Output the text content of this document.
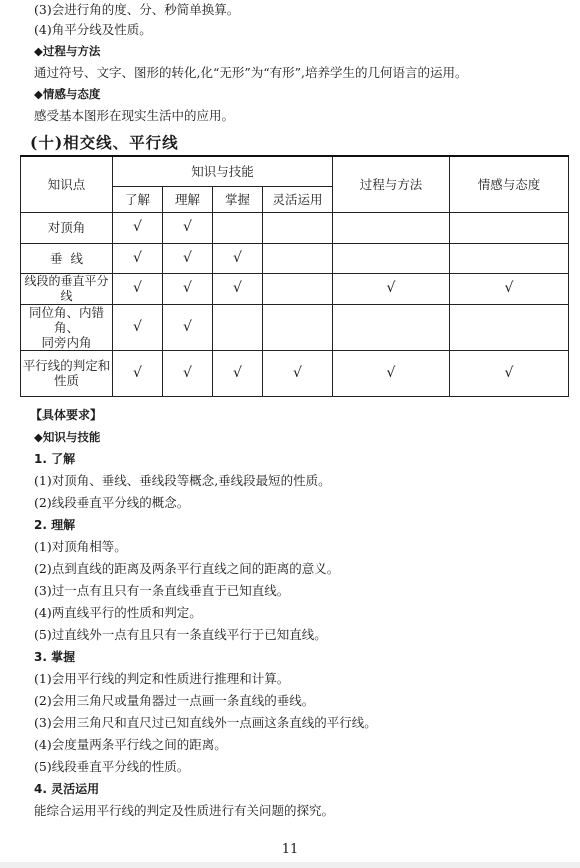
(3)会进行角的度、分、秒简单换算。
(4)角平分线及性质。
◆过程与方法
通过符号、文字、图形的转化,化“无形”为“有形”,培养学生的几何语言的运用。
◆情感与态度
感受基本图形在现实生活中的应用。
(十)相交线、平行线
知识点	知识与技能				过程与方法	情感与态度
	了解	理解	掌握	灵活运用		
对顶角	√	√				
垂  线	√	√	√			
线段的垂直平分线	√	√	√		√	√

同位角、内错角、
同旁内角	√	√				

平行线的判定和
性质	√	√	√	√	√	√
【具体要求】
◆知识与技能
1. 了解
(1)对顶角、垂线、垂线段等概念,垂线段最短的性质。
(2)线段垂直平分线的概念。
2. 理解
(1)对顶角相等。
(2)点到直线的距离及两条平行直线之间的距离的意义。
(3)过一点有且只有一条直线垂直于已知直线。
(4)两直线平行的性质和判定。
(5)过直线外一点有且只有一条直线平行于已知直线。
3. 掌握
(1)会用平行线的判定和性质进行推理和计算。
(2)会用三角尺或量角器过一点画一条直线的垂线。
(3)会用三角尺和直尺过已知直线外一点画这条直线的平行线。
(4)会度量两条平行线之间的距离。
(5)线段垂直平分线的性质。
4. 灵活运用
能综合运用平行线的判定及性质进行有关问题的探究。
11
